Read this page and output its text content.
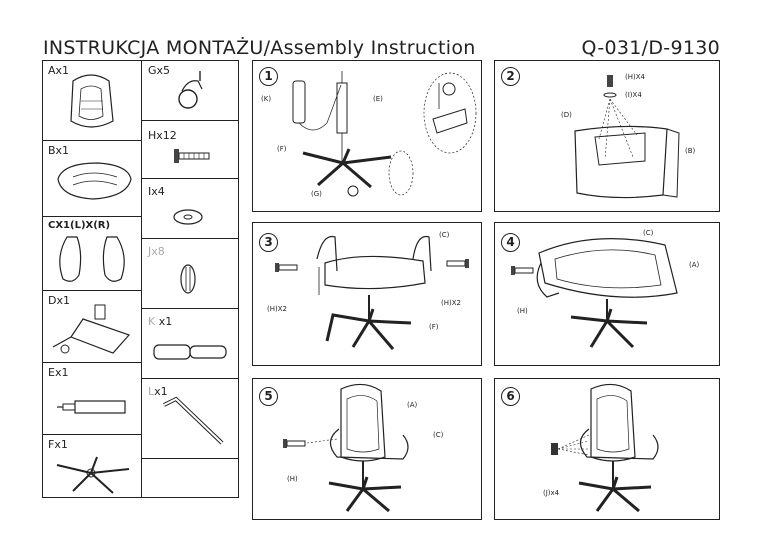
INSTRUKCJA MONTAŻU/Assembly Instruction	Q-031/D-9130
Ax1
Bx1
CX1(L)X(R)
Dx1
Ex1
Fx1
Gx5
Hx12
Ix4
Jx8
K x1
Lx1
1
(K)	(E)
(F)
(G)
2	(H)X4
(I)X4
(D)
(B)
3	(C)
(H)X2
(H)X2
(F)
4
(C)
(A)
(H)
5
(A)
(C)
(H)
6
(J)x4
